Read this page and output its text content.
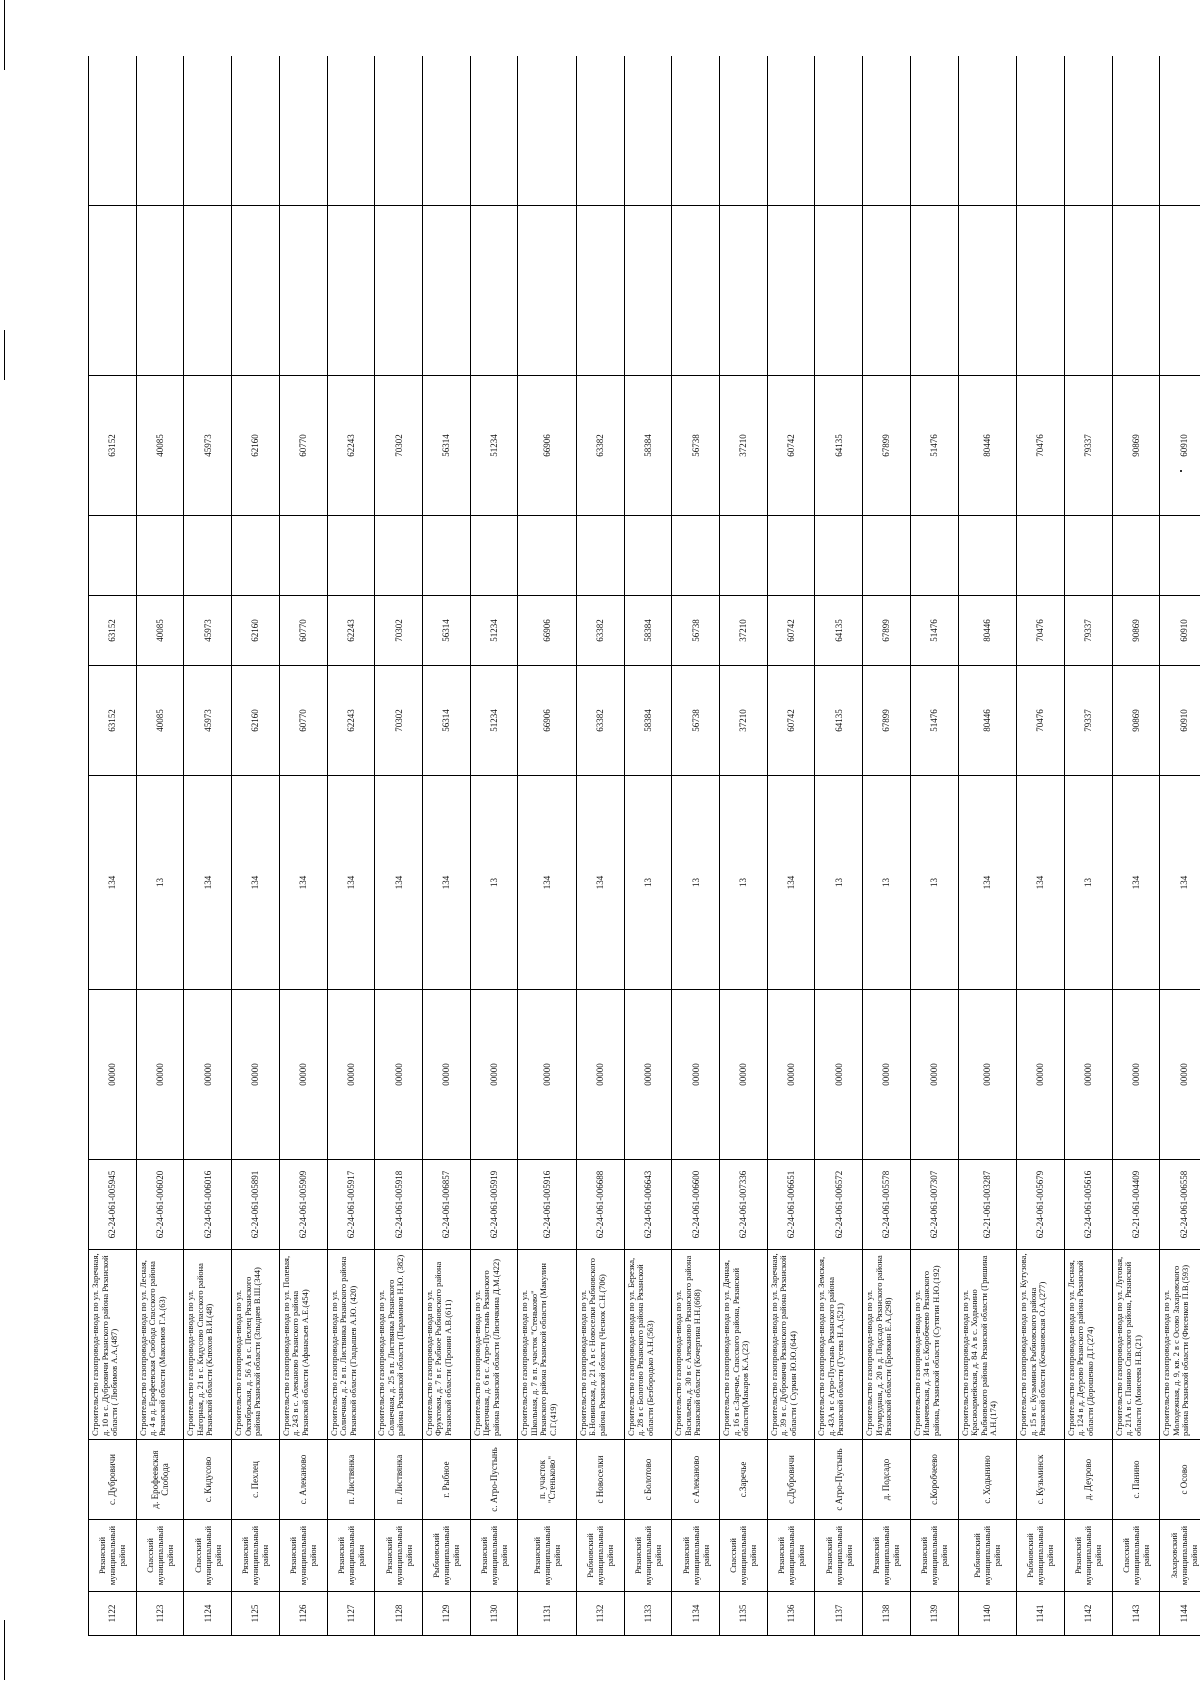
1122	Рязанский муниципальный район	с. Дубровичи	Строительство газопровода-ввода по ул. Заречная, д. 10 в с. Дубровичи Рязанского района Рязанской области ( Любимов А.А.(487)	62-24-061-005945	00000	134	63152	63152		63152		
1123	Спасский муниципальный район	д. Ерофеевская Слобода	Строительство газопровода-ввода по ул. Лесная, д. 4 в д. Ерофеевская Слобода Спасского района Рязанской области (Максимов Г.А.(63)	62-24-061-006020	00000	13	40085	40085		40085		
1124	Спасский муниципальный район	с. Кидусово	Строительство газопровода-ввода по ул. Нагорная, д. 21 в с. Кидусово Спасского района Рязанской области (Клюхов В.И.(48)	62-24-061-006016	00000	134	45973	45973		45973		
1125	Рязанский муниципальный район	с. Пехлец	Строительство газопровода-ввода по ул. Октябрьская, д. 56 А в с. Пехлец Рязанского района Рязанской области (Злыднев В.Ш.(344)	62-24-061-005891	00000	134	62160	62160		62160		
1126	Рязанский муниципальный район	с. Алеканово	Строительство газопровода-ввода по ул. Полевая, д. 243 в с. Алеканово Рязанского района Рязанской области (Афанасьев А.Е.(454)	62-24-061-005909	00000	134	60770	60770		60770		
1127	Рязанский муниципальный район	п. Листвянка	Строительство газопровода-ввода по ул. Солнечная, д. 2 в п. Листвянка Рязанского района Рязанской области (Гладышев А.Ю. (420)	62-24-061-005917	00000	134	62243	62243		62243		
1128	Рязанский муниципальный район	п. Листвянка	Строительство газопровода-ввода по ул. Солнечная, д. 25 в п. Листвянка Рязанского района Рязанской области (Парамонов Н.Ю. (382)	62-24-061-005918	00000	134	70302	70302		70302		
1129	Рыбновский муниципальный район	г. Рыбное	Строительство газопровода-ввода по ул. Фруктовая, д. 7 в г. Рыбное Рыбновского района Рязанской области (Пронин А.В.(611)	62-24-061-006857	00000	134	56314	56314		56314		
1130	Рязанский муниципальный район	с. Агро-Пустынь	Строительство газопровода-ввода по ул. Цветочная, д. 6 в с. Агро-Пустынь Рязанского района Рязанской области (Лисичкина Д.М.(422)	62-24-061-005919	00000	13	51234	51234		51234		
1131	Рязанский муниципальный район	п. участок "Стеньково"	Строительство газопровода-ввода по ул. Школьная, д. 7 в п. участок "Стеньково" Рязанского района Рязанской области (Макулин С.Г.(419)	62-24-061-005916	00000	134	66906	66906		66906		
1132	Рыбновский муниципальный район	с Новоселки	Строительство газопровода-ввода по ул. Б.Новинская, д. 21 А в с Новоселки Рыбновского района Рязанской области (Чеснок С.Н.(706)	62-24-061-006688	00000	134	63382	63382		63382		
1133	Рязанский муниципальный район	с Болотово	Строительство газопровода-ввода по ул. Березка, д. 28 в с Болотово Рязанского района Рязанской области (Безбородько А.Н.(563)	62-24-061-006643	00000	13	58384	58384		58384		
1134	Рязанский муниципальный район	с Алеканово	Строительство газопровода-ввода по ул. Васильева, д. 30 в с Алеканово Рязанского района Рязанской области (Кочергина Н.Н.(668)	62-24-061-006600	00000	13	56738	56738		56738		
1135	Спасский муниципальный район	с.Заречье	Строительство газопровода-ввода по ул. Дачная, д. 16 в с.Заречье, Спасского района, Рязанской области(Макаров К.А.(23)	62-24-061-007336	00000	13	37210	37210		37210		
1136	Рязанский муниципальный район	с.Дубровичи	Строительство газопровода-ввода по ул. Заречная, д. 39 в с. Дубровичи Рязанского района Рязанской области ( Суркин Ю.Ю.(644)	62-24-061-006651	00000	134	60742	60742		60742		
1137	Рязанский муниципальный район	с Агро-Пустынь	Строительство газопровода-ввода по ул. Земская, д. 43А в с Агро-Пустынь Рязанского района Рязанской области (Гусева Н.А.(521)	62-24-061-006572	00000	13	64135	64135		64135		
1138	Рязанский муниципальный район	д. Подсадо	Строительство газопровода-ввода по ул. Изумрудная, д. 20 в д. Подсадо Рязанского района Рязанской области (Бровкин Е.А.(298)	62-24-061-005578	00000	13	67899	67899		67899		
1139	Рязанский муниципальный район	с.Коробчеево	Строительство газопровода-ввода по ул. Ильичевская, д. 34 в с.Коробчеево Рязанского района, Рязанской области (Сутягин Н.Ю.(192)	62-24-061-007307	00000	13	51476	51476		51476		
1140	Рыбновский муниципальный район	с. Ходынино	Строительство газопровода-ввода по ул. Красноармейская, д. 84 А в с. Ходынино Рыбновского района Рязанской области (Гришина А.Н.(174)	62-21-061-003287	00000	134	80446	80446		80446		
1141	Рыбновский муниципальный район	с. Кузьминск	Строительство газопровода-ввода по ул. Кутузова, д. 15 в с. Кузьминск Рыбновского района Рязанской области (Кочановская О.А.(277)	62-24-061-005679	00000	134	70476	70476		70476		
1142	Рязанский муниципальный район	д. Деурово	Строительство газопровода-ввода по ул. Лесная, д. 124 в д. Деурово Рязанского района Рязанской области (Дорошенко Д.Г.(274)	62-24-061-005616	00000	13	79337	79337		79337		
1143	Спасский муниципальный район	с. Панино	Строительство газопровода-ввода по ул. Луговая, д. 21А в с. Панино Спасского района, Рязанской области (Моисеева Н.В.(21)	62-21-061-004409	00000	134	90869	90869		90869		
1144	Захаровский муниципальный район	с Осово	Строительство газопровода-ввода по ул. Молодежная, д. 9, кв. 2 в с Осово Захаровского района Рязанской области (Фисенков П.В.(593)	62-24-061-006558	00000	134	60910	60910		60910		
